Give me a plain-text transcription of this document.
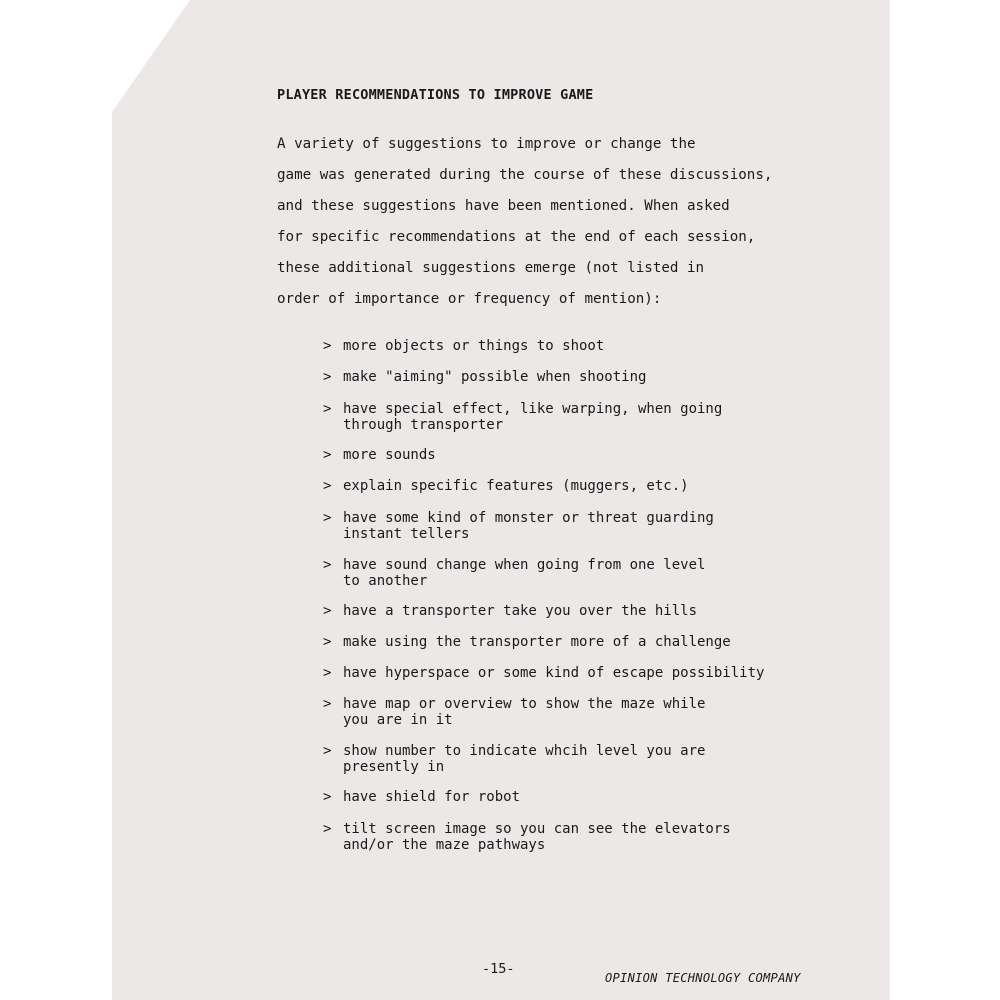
PLAYER RECOMMENDATIONS TO IMPROVE GAME
A variety of suggestions to improve or change the
game was generated during the course of these discussions,
and these suggestions have been mentioned. When asked
for specific recommendations at the end of each session,
these additional suggestions emerge (not listed in
order of importance or frequency of mention):
> more objects or things to shoot
> make "aiming" possible when shooting
> have special effect, like warping, when going
through transporter
> more sounds
> explain specific features (muggers, etc.)
> have some kind of monster or threat guarding
instant tellers
> have sound change when going from one level
to another
> have a transporter take you over the hills
> make using the transporter more of a challenge
> have hyperspace or some kind of escape possibility
> have map or overview to show the maze while
you are in it
> show number to indicate whcih level you are
presently in
> have shield for robot
> tilt screen image so you can see the elevators
and/or the maze pathways
-15-
OPINION TECHNOLOGY COMPANY
